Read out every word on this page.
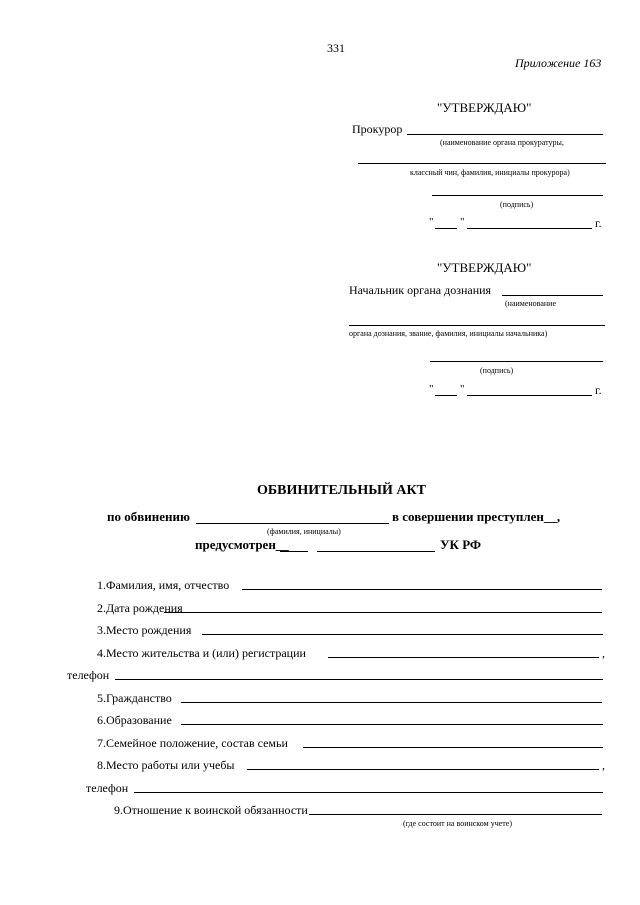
331
Приложение 163
"УТВЕРЖДАЮ"
Прокурор
(наименование органа прокуратуры,
классный чин, фамилия, инициалы прокурора)
(подпись)
" "	г.
"УТВЕРЖДАЮ"
Начальник органа дознания
(наименование
органа дознания, звание, фамилия, инициалы начальника)
(подпись)
" "	г.
ОБВИНИТЕЛЬНЫЙ АКТ
по обвинению	в совершении преступлен__,
(фамилия, инициалы)
предусмотрен__	УК РФ
1.Фамилия, имя, отчество
2.Дата рождения
3.Место рождения
4.Место жительства и (или) регистрации	,
телефон
5.Гражданство
6.Образование
7.Семейное положение, состав семьи
8.Место работы или учебы	,
телефон
9.Отношение к воинской обязанности
(где состоит на воинском учете)
